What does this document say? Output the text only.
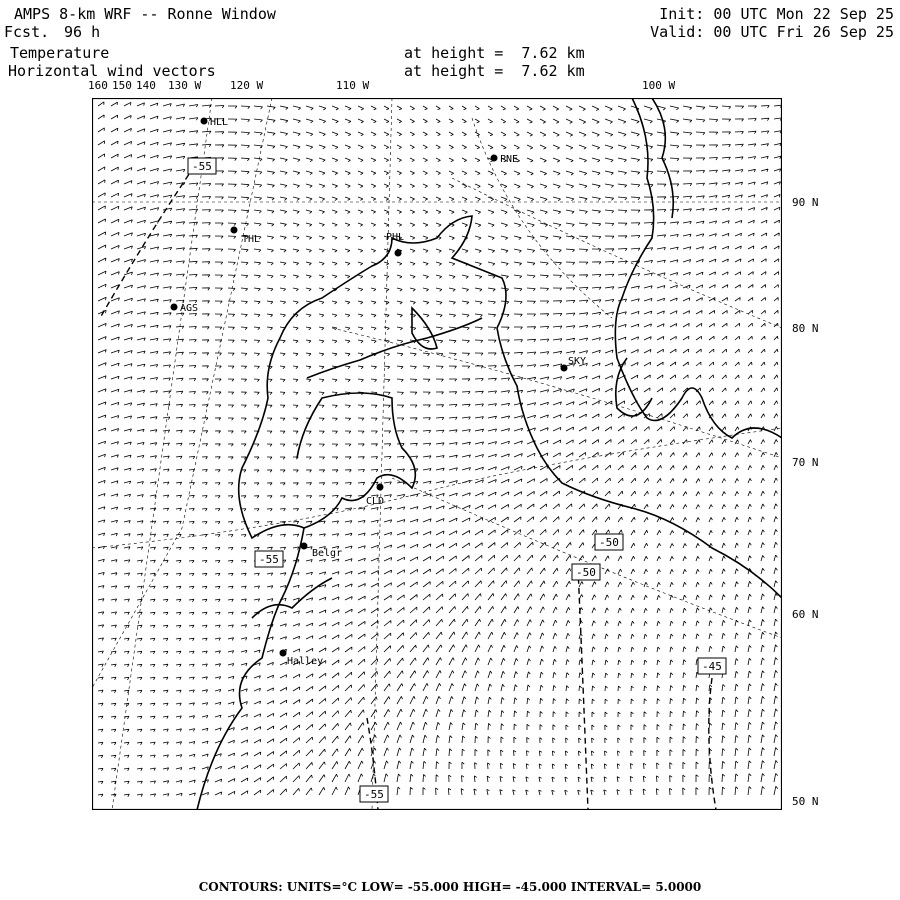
AMPS 8-km WRF -- Ronne Window
Fcst. 96 h
Init: 00 UTC Mon 22 Sep 25
Valid: 00 UTC Fri 26 Sep 25
Temperature
Horizontal wind vectors
at height =  7.62 km
at height =  7.62 km
160 150 140 130 W	120 W	110 W	100 W
90 N
80 N
70 N
60 N
50 N
HLL
PNE
THL	PHL
AGS
SKY
CLD
Belgr
Halley
-55
-55
-50
-50
-45
-55
CONTOURS: UNITS=°C LOW= -55.000 HIGH= -45.000 INTERVAL= 5.0000
